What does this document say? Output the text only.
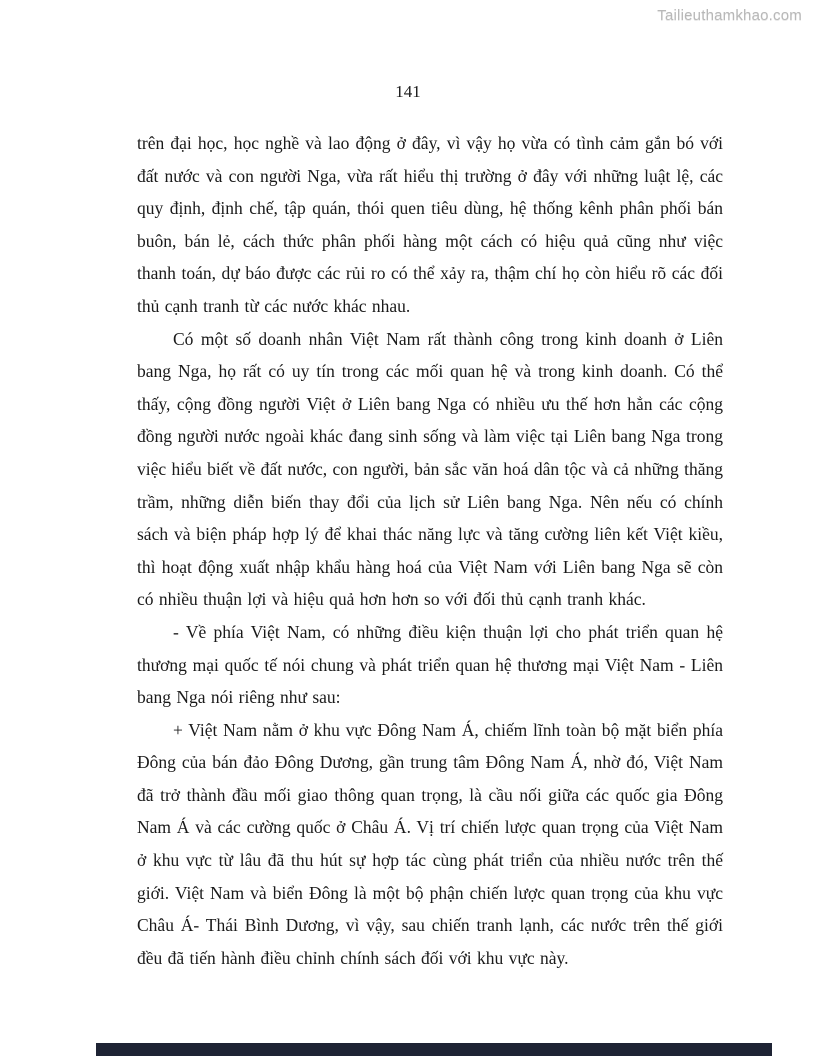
Tailieuthamkhao.com
141

trên đại học, học nghề và lao động ở đây, vì vậy họ vừa có tình cảm gắn bó với đất nước và con người Nga, vừa rất hiểu thị trường ở đây với những luật lệ, các quy định, định chế, tập quán, thói quen tiêu dùng, hệ thống kênh phân phối bán buôn, bán lẻ, cách thức phân phối hàng một cách có hiệu quả cũng như việc thanh toán, dự báo được các rủi ro có thể xảy ra, thậm chí họ còn hiểu rõ các đối thủ cạnh tranh từ các nước khác nhau.

Có một số doanh nhân Việt Nam rất thành công trong kinh doanh ở Liên bang Nga, họ rất có uy tín trong các mối quan hệ và trong kinh doanh. Có thể thấy, cộng đồng người Việt ở Liên bang Nga có nhiều ưu thế hơn hẳn các cộng đồng người nước ngoài khác đang sinh sống và làm việc tại Liên bang Nga trong việc hiểu biết về đất nước, con người, bản sắc văn hoá dân tộc và cả những thăng trầm, những diễn biến thay đổi của lịch sử Liên bang Nga. Nên nếu có chính sách và biện pháp hợp lý để khai thác năng lực và tăng cường liên kết Việt kiều, thì hoạt động xuất nhập khẩu hàng hoá của Việt Nam với Liên bang Nga sẽ còn có nhiều thuận lợi và hiệu quả hơn hơn so với đối thủ cạnh tranh khác.

- Về phía Việt Nam, có những điều kiện thuận lợi cho phát triển quan hệ thương mại quốc tế nói chung và phát triển quan hệ thương mại Việt Nam - Liên bang Nga nói riêng như sau:

+ Việt Nam nằm ở khu vực Đông Nam Á, chiếm lĩnh toàn bộ mặt biển phía Đông của bán đảo Đông Dương, gần trung tâm Đông Nam Á, nhờ đó, Việt Nam đã trở thành đầu mối giao thông quan trọng, là cầu nối giữa các quốc gia Đông Nam Á và các cường quốc ở Châu Á. Vị trí chiến lược quan trọng của Việt Nam ở khu vực từ lâu đã thu hút sự hợp tác cùng phát triển của nhiều nước trên thế giới. Việt Nam và biển Đông là một bộ phận chiến lược quan trọng của khu vực Châu Á- Thái Bình Dương, vì vậy, sau chiến tranh lạnh, các nước trên thế giới đều đã tiến hành điều chỉnh chính sách đối với khu vực này.
